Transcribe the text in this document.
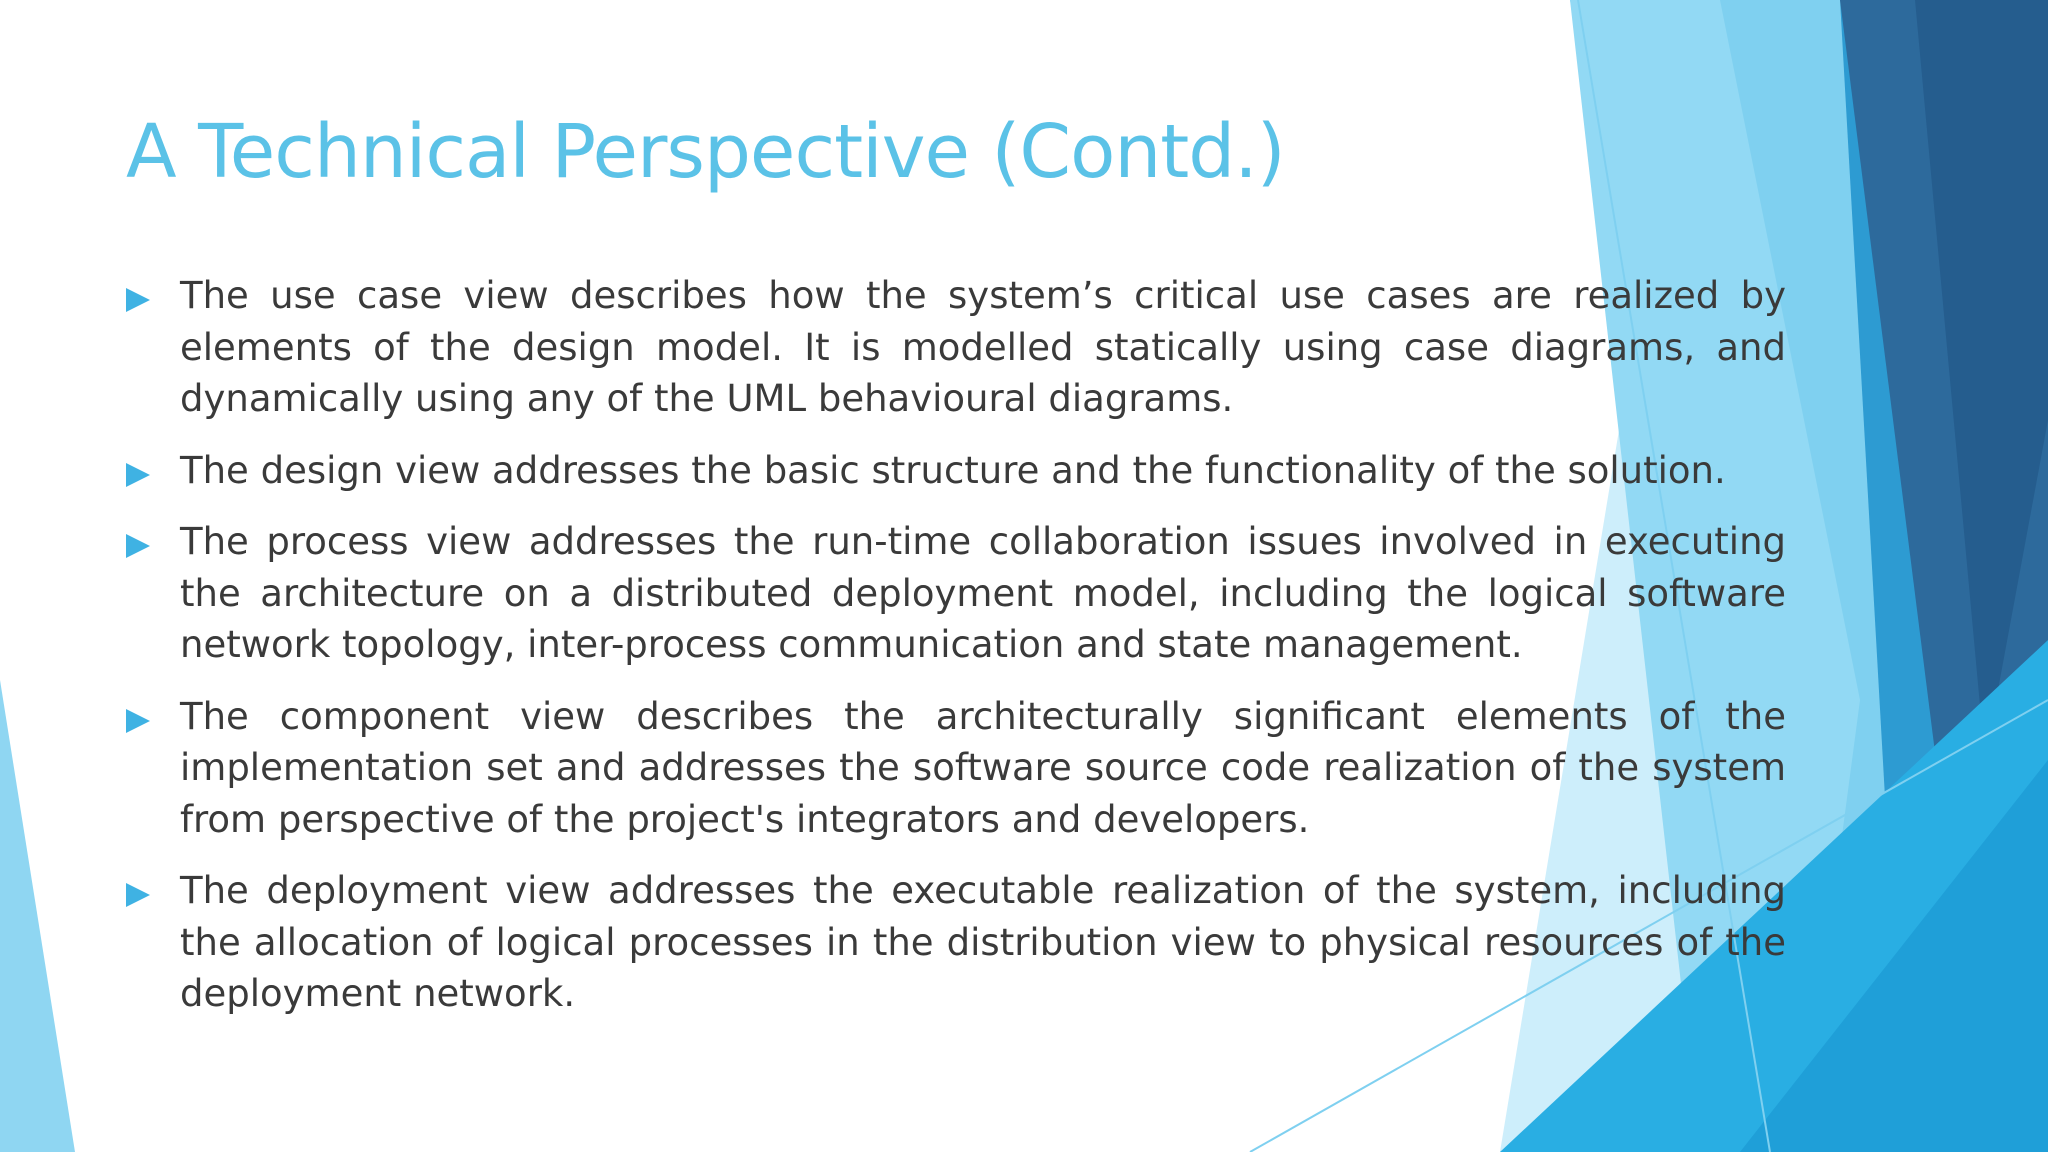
A Technical Perspective (Contd.)
The use case view describes how the system’s critical use cases are realized by elements of the design model. It is modelled statically using case diagrams, and dynamically using any of the UML behavioural diagrams.
The design view addresses the basic structure and the functionality of the solution.
The process view addresses the run-time collaboration issues involved in executing the architecture on a distributed deployment model, including the logical software network topology, inter-process communication and state management.
The component view describes the architecturally significant elements of the implementation set and addresses the software source code realization of the system from perspective of the project's integrators and developers.
The deployment view addresses the executable realization of the system, including the allocation of logical processes in the distribution view to physical resources of the deployment network.
